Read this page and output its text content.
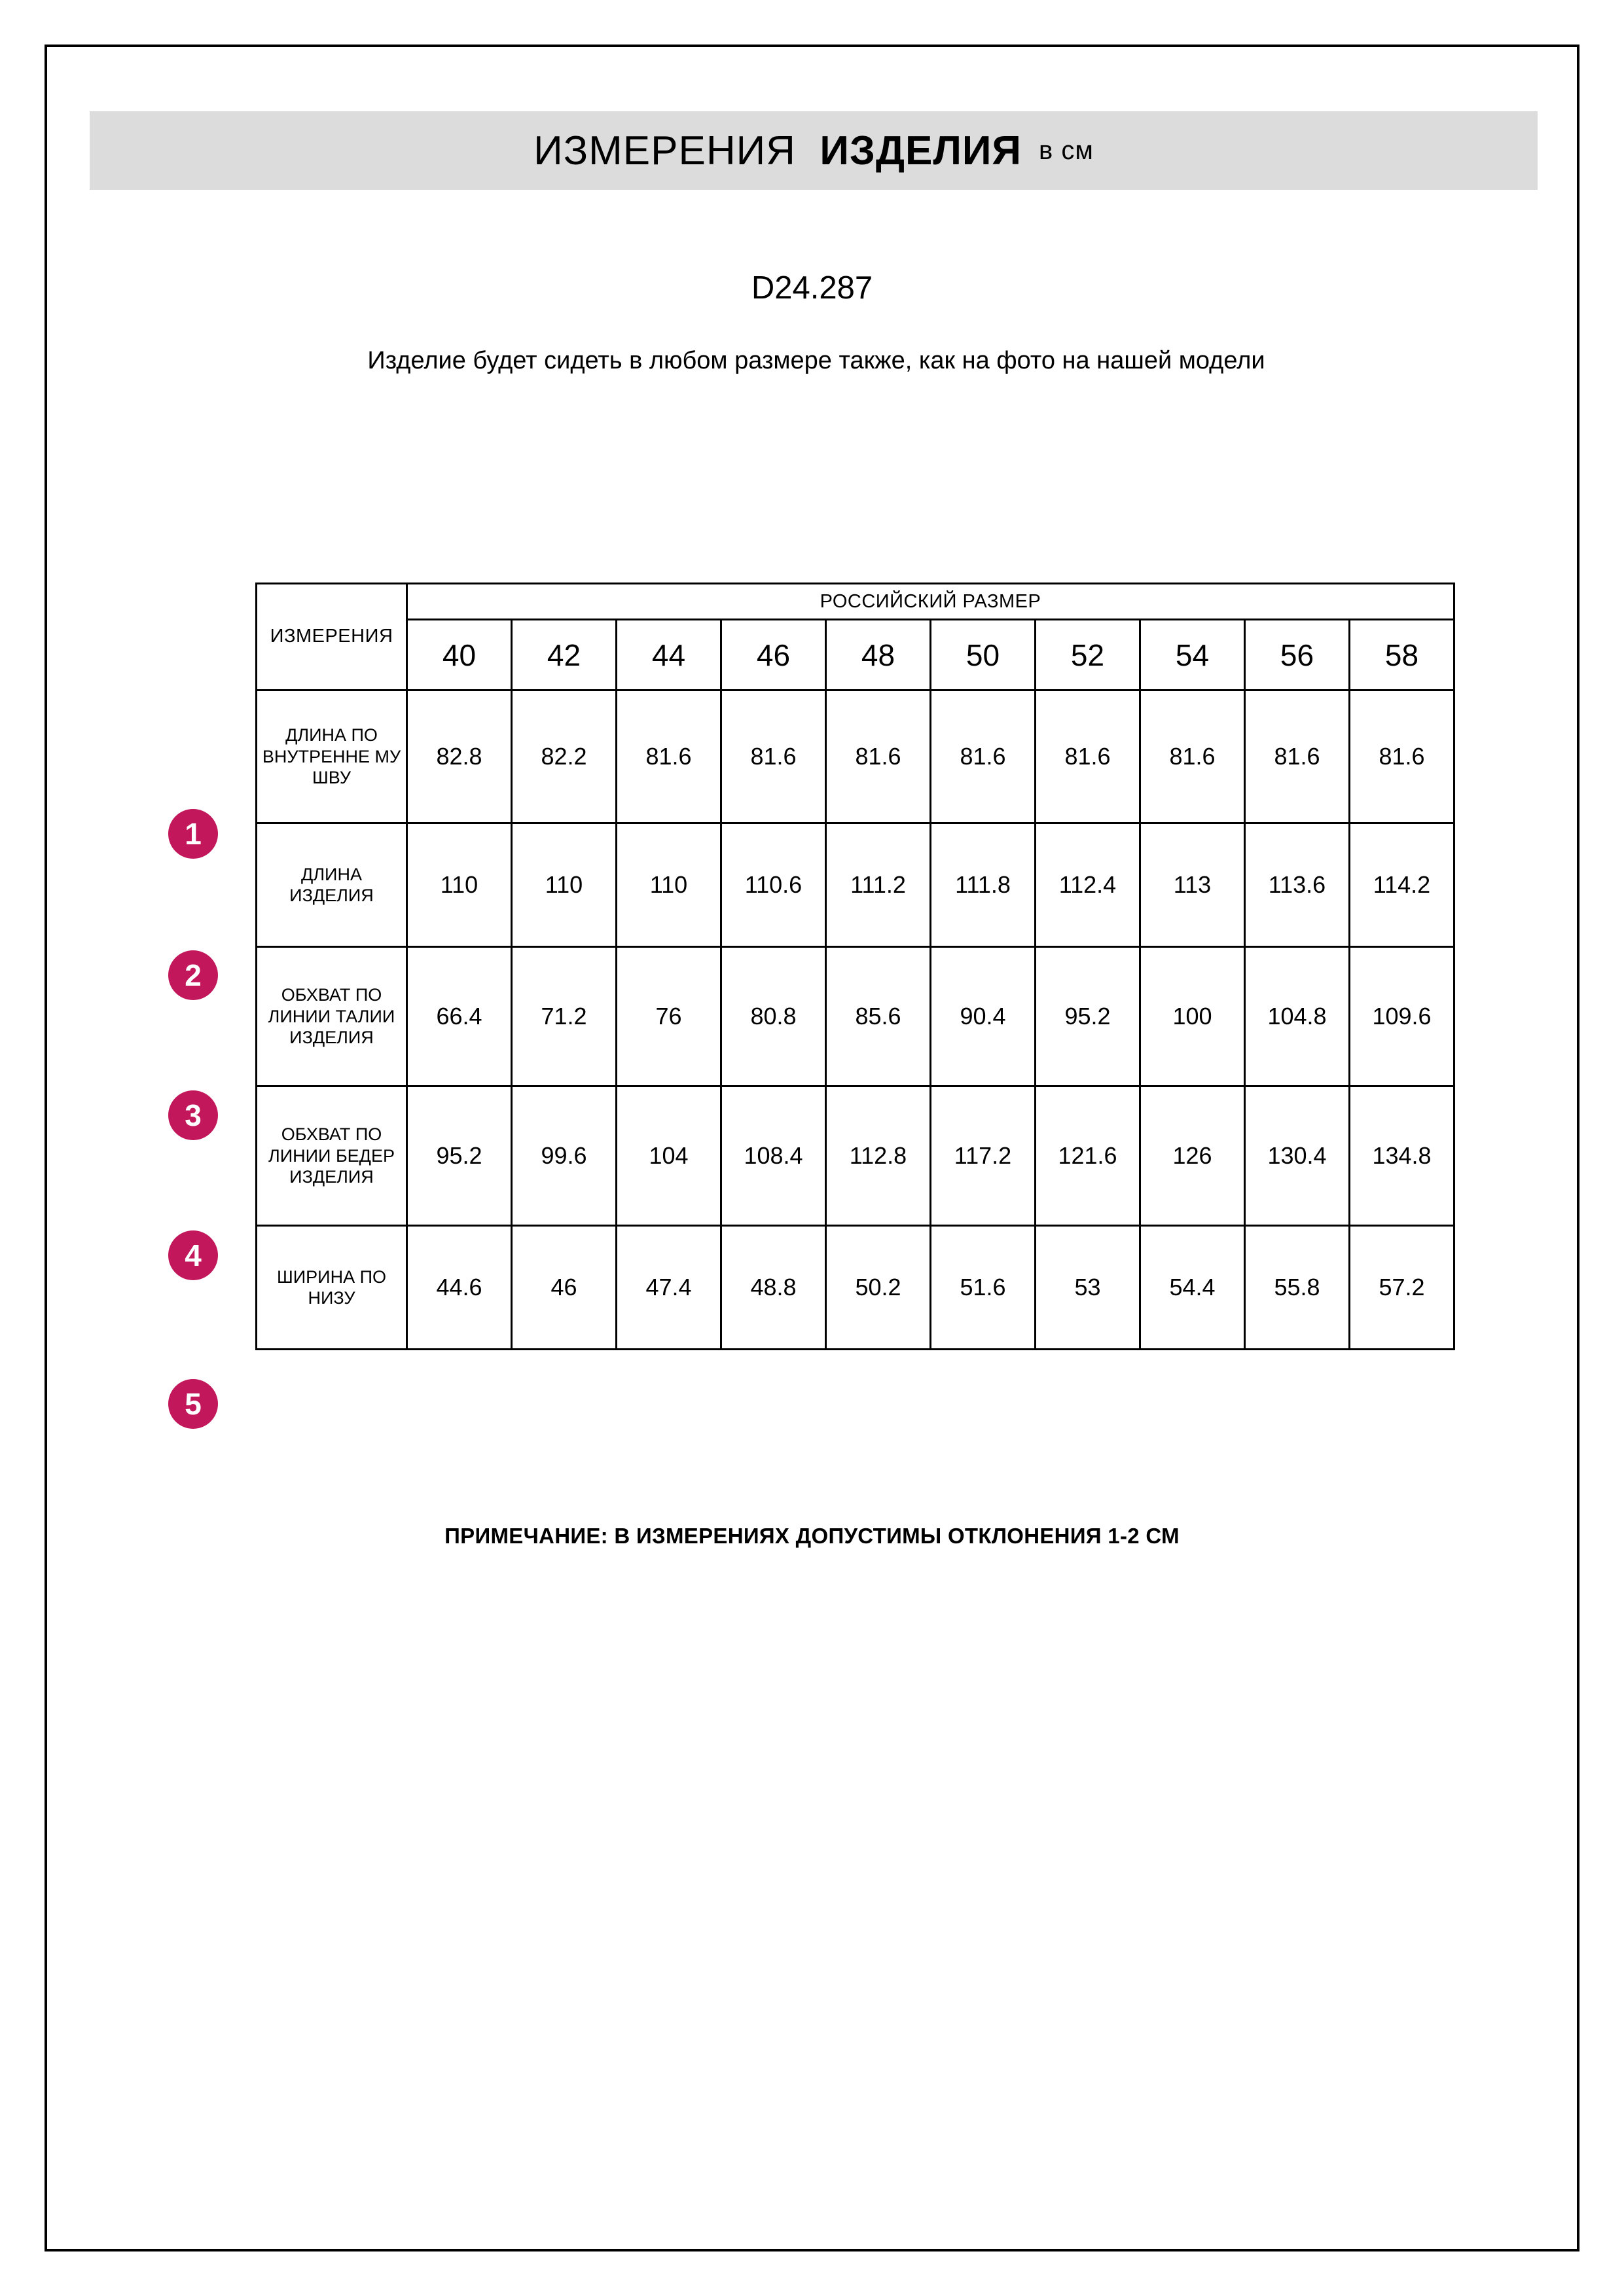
ИЗМЕРЕНИЯ ИЗДЕЛИЯ в см
D24.287
Изделие будет сидеть в любом размере также, как на фото на нашей модели
ИЗМЕРЕНИЯ	РОССИЙСКИЙ РАЗМЕР									
	40	42	44	46	48	50	52	54	56	58
ДЛИНА ПО ВНУТРЕННЕ МУ ШВУ	82.8	82.2	81.6	81.6	81.6	81.6	81.6	81.6	81.6	81.6
ДЛИНА ИЗДЕЛИЯ	110	110	110	110.6	111.2	111.8	112.4	113	113.6	114.2
ОБХВАТ ПО ЛИНИИ ТАЛИИ ИЗДЕЛИЯ	66.4	71.2	76	80.8	85.6	90.4	95.2	100	104.8	109.6
ОБХВАТ ПО ЛИНИИ БЕДЕР ИЗДЕЛИЯ	95.2	99.6	104	108.4	112.8	117.2	121.6	126	130.4	134.8
ШИРИНА ПО НИЗУ	44.6	46	47.4	48.8	50.2	51.6	53	54.4	55.8	57.2
1
2
3
4
5
ПРИМЕЧАНИЕ: В ИЗМЕРЕНИЯХ ДОПУСТИМЫ ОТКЛОНЕНИЯ 1-2 СМ
